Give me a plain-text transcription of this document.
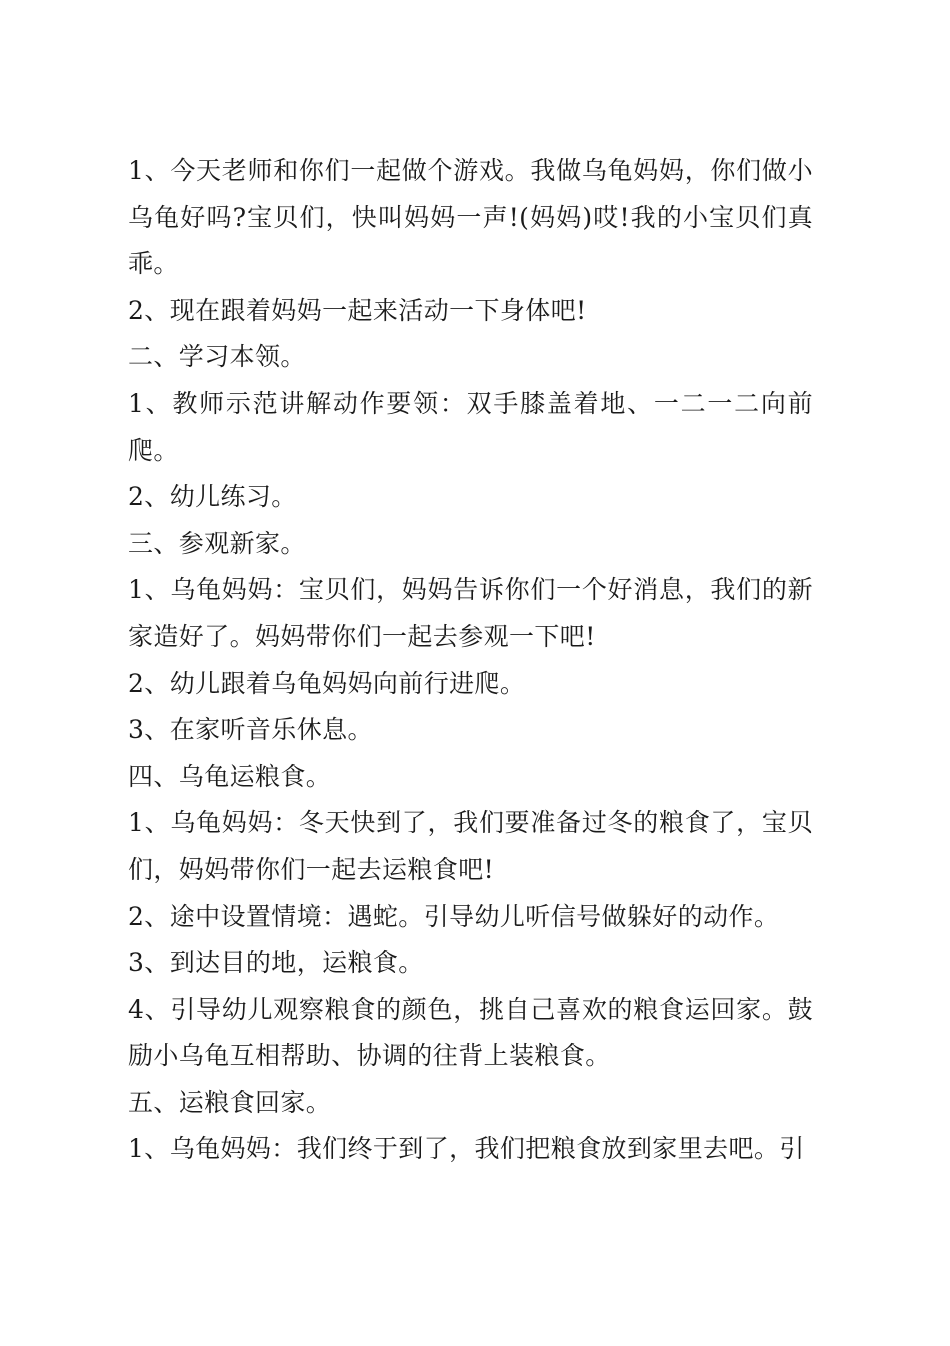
1、今天老师和你们一起做个游戏。我做乌龟妈妈，你们做小乌龟好吗?宝贝们，快叫妈妈一声!(妈妈)哎!我的小宝贝们真乖。

2、现在跟着妈妈一起来活动一下身体吧!

二、学习本领。

1、教师示范讲解动作要领：双手膝盖着地、一二一二向前爬。

2、幼儿练习。

三、参观新家。

1、乌龟妈妈：宝贝们，妈妈告诉你们一个好消息，我们的新家造好了。妈妈带你们一起去参观一下吧!

2、幼儿跟着乌龟妈妈向前行进爬。

3、在家听音乐休息。

四、乌龟运粮食。

1、乌龟妈妈：冬天快到了，我们要准备过冬的粮食了，宝贝们，妈妈带你们一起去运粮食吧!

2、途中设置情境：遇蛇。引导幼儿听信号做躲好的动作。

3、到达目的地，运粮食。

4、引导幼儿观察粮食的颜色，挑自己喜欢的粮食运回家。鼓励小乌龟互相帮助、协调的往背上装粮食。

五、运粮食回家。

1、乌龟妈妈：我们终于到了，我们把粮食放到家里去吧。引
